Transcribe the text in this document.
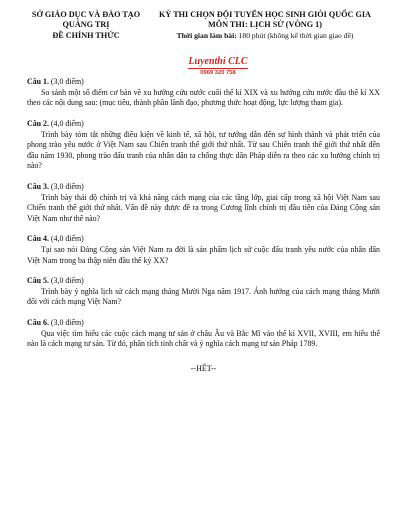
SỞ GIÁO DỤC VÀ ĐÀO TẠO
QUẢNG TRỊ
ĐỀ CHÍNH THỨC
KỲ THI CHỌN ĐỘI TUYỂN HỌC SINH GIỎI QUỐC GIA
MÔN THI: LỊCH SỬ (VÒNG 1)
Thời gian làm bài: 180 phút (không kể thời gian giao đề)
Luyenthi CLC
0969 320 758
Câu 1. (3,0 điểm)
So sánh một số điểm cơ bản về xu hướng cứu nước cuối thế kỉ XIX và xu hướng cứu nước đầu thế kỉ XX theo các nội dung sau: (mục tiêu, thành phần lãnh đạo, phương thức hoạt động, lực lượng tham gia).
Câu 2. (4,0 điểm)
Trình bày tóm tắt những điều kiện về kinh tế, xã hội, tư tưởng dẫn đến sự hình thành và phát triển của phong trào yêu nước ở Việt Nam sau Chiến tranh thế giới thứ nhất. Từ sau Chiến tranh thế giới thứ nhất đến đầu năm 1930, phong trào đấu tranh của nhân dân ta chống thực dân Pháp diễn ra theo các xu hướng chính trị nào?
Câu 3. (3,0 điểm)
Trình bày thái độ chính trị và khả năng cách mạng của các tầng lớp, giai cấp trong xã hội Việt Nam sau Chiến tranh thế giới thứ nhất. Vấn đề này được đề ra trong Cương lĩnh chính trị đầu tiên của Đảng Cộng sản Việt Nam như thế nào?
Câu 4. (4,0 điểm)
Tại sao nói Đảng Cộng sản Việt Nam ra đời là sản phẩm lịch sử cuộc đấu tranh yêu nước của nhân dân Việt Nam trong ba thập niên đầu thế kỷ XX?
Câu 5. (3,0 điểm)
Trình bày ý nghĩa lịch sử cách mạng tháng Mười Nga năm 1917. Ảnh hưởng của cách mạng tháng Mười đối với cách mạng Việt Nam?
Câu 6. (3,0 điểm)
Qua việc tìm hiểu các cuộc cách mạng tư sản ở châu Âu và Bắc Mĩ vào thế kỉ XVII, XVIII, em hiểu thế nào là cách mạng tư sản. Từ đó, phân tích tính chất và ý nghĩa cách mạng tư sản Pháp 1789.
--HẾT--
